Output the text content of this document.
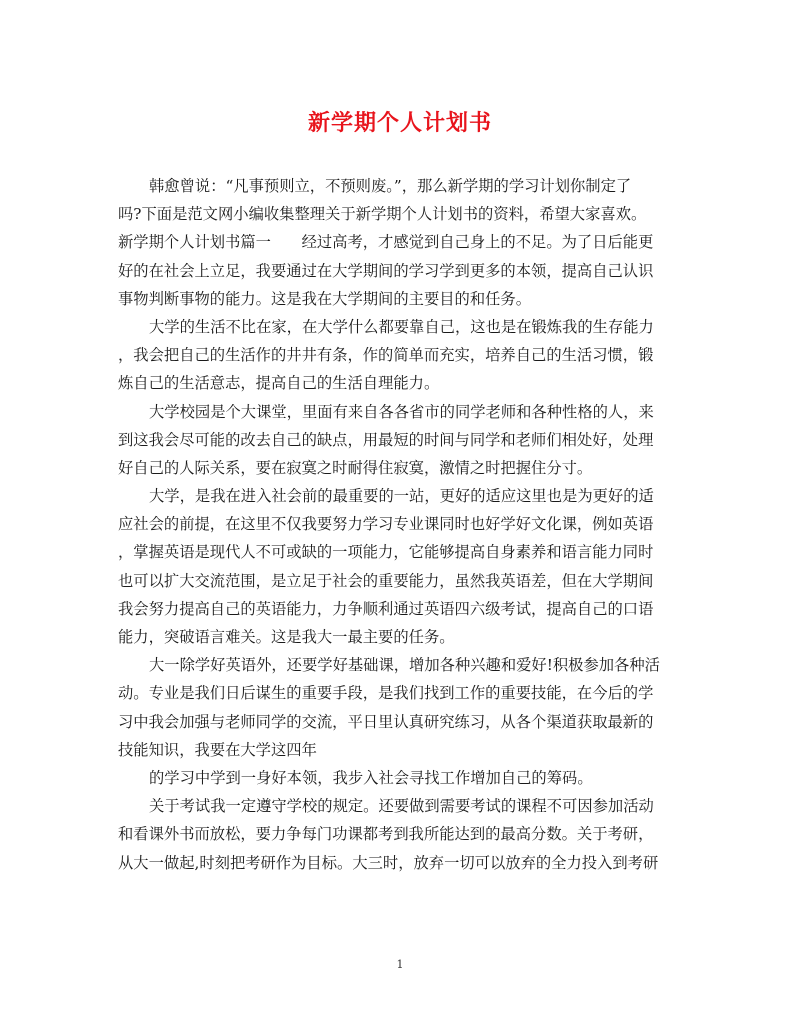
新学期个人计划书

韩愈曾说：“凡事预则立，不预则废。”，那么新学期的学习计划你制定了

吗?下面是范文网小编收集整理关于新学期个人计划书的资料，希望大家喜欢。

新学期个人计划书篇一　　经过高考，才感觉到自己身上的不足。为了日后能更

好的在社会上立足，我要通过在大学期间的学习学到更多的本领，提高自己认识

事物判断事物的能力。这是我在大学期间的主要目的和任务。

大学的生活不比在家，在大学什么都要靠自己，这也是在锻炼我的生存能力

，我会把自己的生活作的井井有条，作的简单而充实，培养自己的生活习惯，锻

炼自己的生活意志，提高自己的生活自理能力。

大学校园是个大课堂，里面有来自各各省市的同学老师和各种性格的人，来

到这我会尽可能的改去自己的缺点，用最短的时间与同学和老师们相处好，处理

好自己的人际关系，要在寂寞之时耐得住寂寞，激情之时把握住分寸。

大学，是我在进入社会前的最重要的一站，更好的适应这里也是为更好的适

应社会的前提，在这里不仅我要努力学习专业课同时也好学好文化课，例如英语

，掌握英语是现代人不可或缺的一项能力，它能够提高自身素养和语言能力同时

也可以扩大交流范围，是立足于社会的重要能力，虽然我英语差，但在大学期间

我会努力提高自己的英语能力，力争顺利通过英语四六级考试，提高自己的口语

能力，突破语言难关。这是我大一最主要的任务。

大一除学好英语外，还要学好基础课，增加各种兴趣和爱好!积极参加各种活

动。专业是我们日后谋生的重要手段，是我们找到工作的重要技能，在今后的学

习中我会加强与老师同学的交流，平日里认真研究练习，从各个渠道获取最新的

技能知识，我要在大学这四年

的学习中学到一身好本领，我步入社会寻找工作增加自己的筹码。

关于考试我一定遵守学校的规定。还要做到需要考试的课程不可因参加活动

和看课外书而放松，要力争每门功课都考到我所能达到的最高分数。关于考研，

从大一做起,时刻把考研作为目标。大三时，放弃一切可以放弃的全力投入到考研

1
